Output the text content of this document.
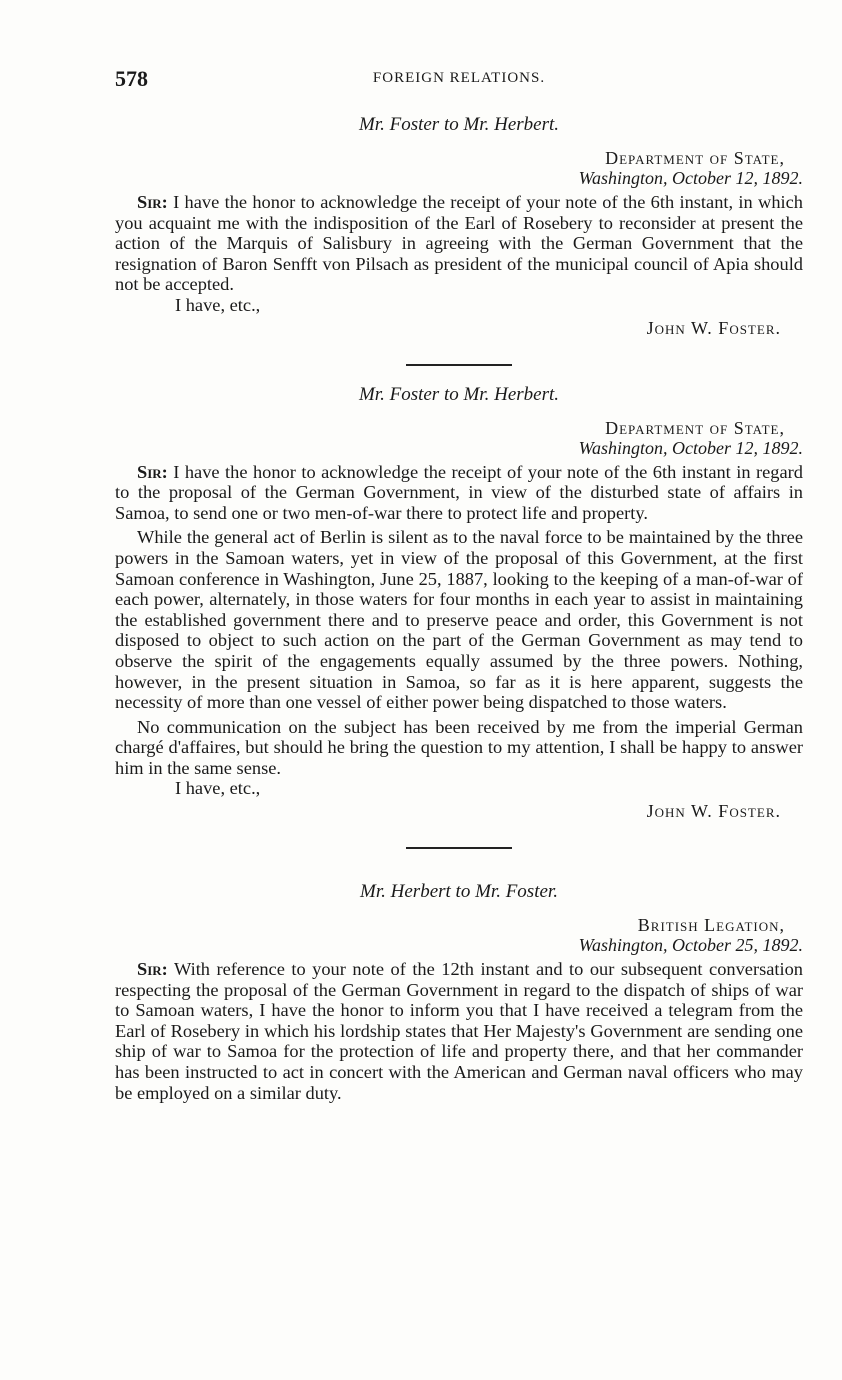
578	FOREIGN RELATIONS.
Mr. Foster to Mr. Herbert.
Department of State,
Washington, October 12, 1892.

Sir: I have the honor to acknowledge the receipt of your note of the 6th instant, in which you acquaint me with the indisposition of the Earl of Rosebery to reconsider at present the action of the Marquis of Salisbury in agreeing with the German Government that the resignation of Baron Senfft von Pilsach as president of the municipal council of Apia should not be accepted.

I have, etc.,
John W. Foster.
Mr. Foster to Mr. Herbert.
Department of State,
Washington, October 12, 1892.

Sir: I have the honor to acknowledge the receipt of your note of the 6th instant in regard to the proposal of the German Government, in view of the disturbed state of affairs in Samoa, to send one or two men-of-war there to protect life and property.

While the general act of Berlin is silent as to the naval force to be maintained by the three powers in the Samoan waters, yet in view of the proposal of this Government, at the first Samoan conference in Washington, June 25, 1887, looking to the keeping of a man-of-war of each power, alternately, in those waters for four months in each year to assist in maintaining the established government there and to preserve peace and order, this Government is not disposed to object to such action on the part of the German Government as may tend to observe the spirit of the engagements equally assumed by the three powers. Nothing, however, in the present situation in Samoa, so far as it is here apparent, suggests the necessity of more than one vessel of either power being dispatched to those waters.

No communication on the subject has been received by me from the imperial German chargé d'affaires, but should he bring the question to my attention, I shall be happy to answer him in the same sense.

I have, etc.,
John W. Foster.
Mr. Herbert to Mr. Foster.
British Legation,
Washington, October 25, 1892.

Sir: With reference to your note of the 12th instant and to our subsequent conversation respecting the proposal of the German Government in regard to the dispatch of ships of war to Samoan waters, I have the honor to inform you that I have received a telegram from the Earl of Rosebery in which his lordship states that Her Majesty's Government are sending one ship of war to Samoa for the protection of life and property there, and that her commander has been instructed to act in concert with the American and German naval officers who may be employed on a similar duty.
